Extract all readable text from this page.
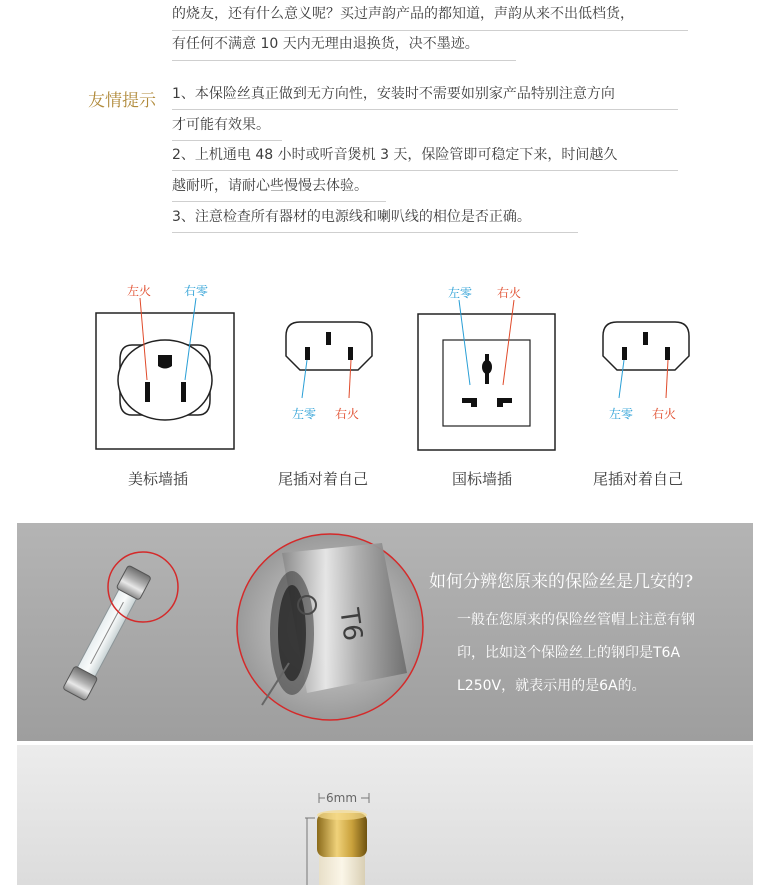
的烧友，还有什么意义呢？买过声韵产品的都知道，声韵从来不出低档货，
有任何不满意 10 天内无理由退换货，决不墨迹。
友情提示 1、本保险丝真正做到无方向性，安装时不需要如别家产品特别注意方向
才可能有效果。
2、上机通电 48 小时或听音煲机 3 天，保险管即可稳定下来，时间越久
越耐听，请耐心些慢慢去体验。
3、注意检查所有器材的电源线和喇叭线的相位是否正确。
左火	右零
左零 右火
左零 右火
左零 右火
美标墙插	尾插对着自己	国标墙插	尾插对着自己
T6
如何分辨您原来的保险丝是几安的?
一般在您原来的保险丝管帽上注意有钢
印，比如这个保险丝上的钢印是T6A
L250V，就表示用的是6A的。
6mm
